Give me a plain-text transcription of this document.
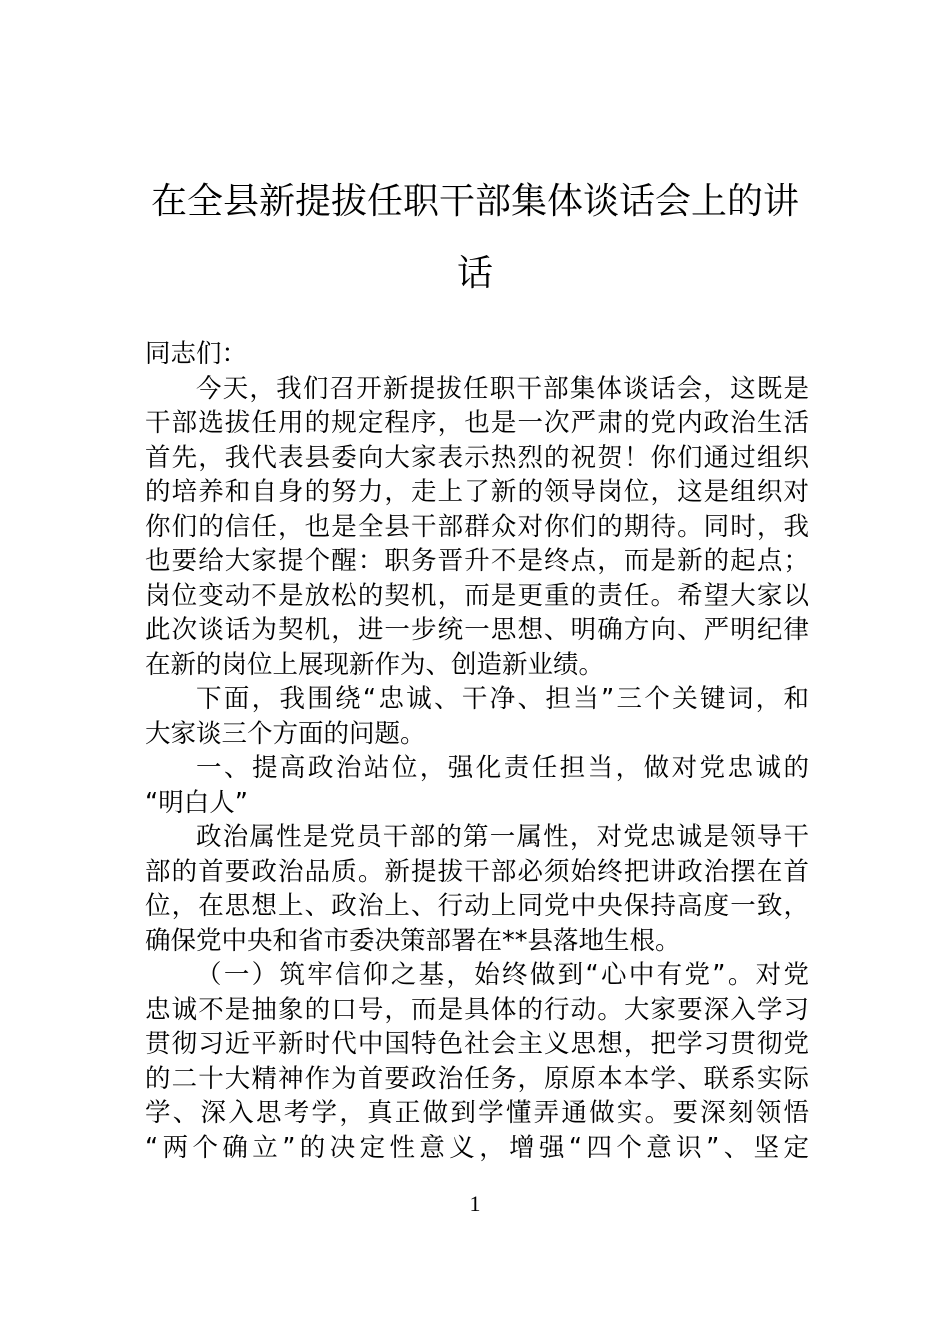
在全县新提拔任职干部集体谈话会上的讲
话
同志们：
今天，我们召开新提拔任职干部集体谈话会，这既是
干部选拔任用的规定程序，也是一次严肃的党内政治生活
首先，我代表县委向大家表示热烈的祝贺！你们通过组织
的培养和自身的努力，走上了新的领导岗位，这是组织对
你们的信任，也是全县干部群众对你们的期待。同时，我
也要给大家提个醒：职务晋升不是终点，而是新的起点；
岗位变动不是放松的契机，而是更重的责任。希望大家以
此次谈话为契机，进一步统一思想、明确方向、严明纪律
在新的岗位上展现新作为、创造新业绩。
下面，我围绕“忠诚、干净、担当”三个关键词，和
大家谈三个方面的问题。
一、提高政治站位，强化责任担当，做对党忠诚的
“明白人”
政治属性是党员干部的第一属性，对党忠诚是领导干
部的首要政治品质。新提拔干部必须始终把讲政治摆在首
位，在思想上、政治上、行动上同党中央保持高度一致，
确保党中央和省市委决策部署在**县落地生根。
（一）筑牢信仰之基，始终做到“心中有党”。对党
忠诚不是抽象的口号，而是具体的行动。大家要深入学习
贯彻习近平新时代中国特色社会主义思想，把学习贯彻党
的二十大精神作为首要政治任务，原原本本学、联系实际
学、深入思考学，真正做到学懂弄通做实。要深刻领悟
“两个确立”的决定性意义，增强“四个意识”、坚定
1
